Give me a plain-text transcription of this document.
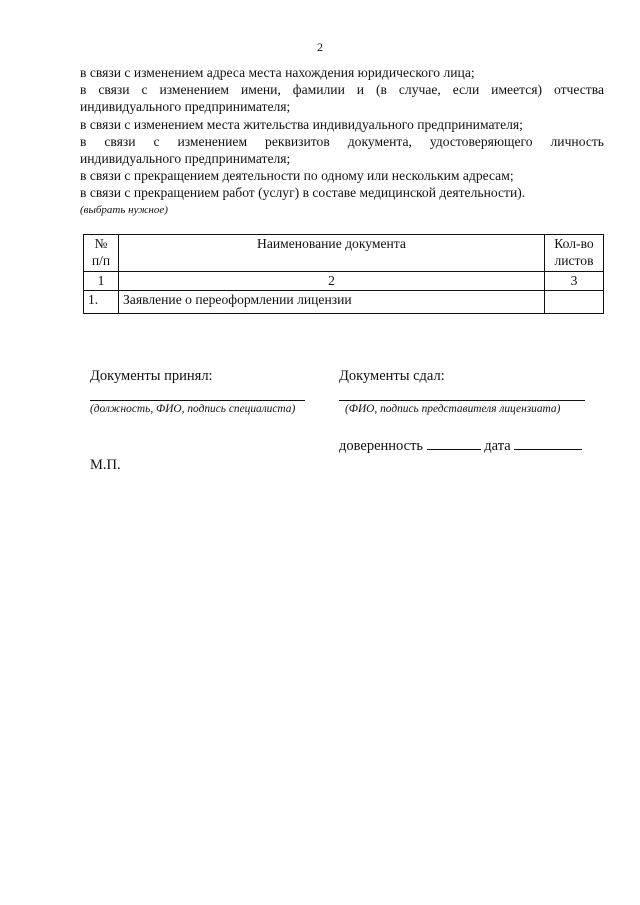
2

в связи с изменением адреса места нахождения юридического лица;

в связи с изменением имени, фамилии и (в случае, если имеется) отчества индивидуального предпринимателя;

в связи с изменением места жительства индивидуального предпринимателя;

в связи с изменением реквизитов документа, удостоверяющего личность индивидуального предпринимателя;

в связи с прекращением деятельности по одному или нескольким адресам;

в связи с прекращением работ (услуг) в составе медицинской деятельности).

(выбрать нужное)

№ п/п	Наименование документа	Кол-во листов
1	2	3
1.	Заявление о переоформлении лицензии	
Документы принял:
(должность, ФИО, подпись специалиста)
Документы сдал:
(ФИО, подпись представителя лицензиата)
доверенность	дата
М.П.
